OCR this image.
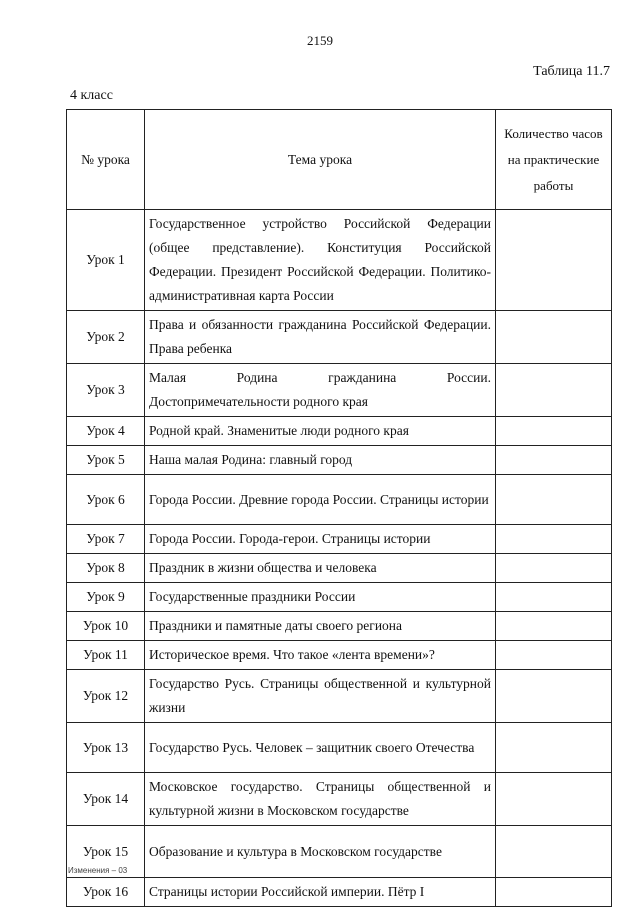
2159
Таблица 11.7
4 класс
№ урока	Тема урока	Количество часов на практические работы
Урок 1	Государственное устройство Российской Федерации (общее представление). Конституция Российской Федерации. Президент Российской Федерации. Политико-административная карта России	
Урок 2	Права и обязанности гражданина Российской Федерации. Права ребенка	
Урок 3	Малая Родина гражданина России. Достопримечательности родного края	
Урок 4	Родной край. Знаменитые люди родного края	
Урок 5	Наша малая Родина: главный город	
Урок 6	Города России. Древние города России. Страницы истории	
Урок 7	Города России. Города-герои. Страницы истории	
Урок 8	Праздник в жизни общества и человека	
Урок 9	Государственные праздники России	
Урок 10	Праздники и памятные даты своего региона	
Урок 11	Историческое время. Что такое «лента времени»?	
Урок 12	Государство Русь. Страницы общественной и культурной жизни	
Урок 13	Государство Русь. Человек – защитник своего Отечества	
Урок 14	Московское государство. Страницы общественной и культурной жизни в Московском государстве	
Урок 15	Образование и культура в Московском государстве	
Урок 16	Страницы истории Российской империи. Пётр I	
Изменения – 03
